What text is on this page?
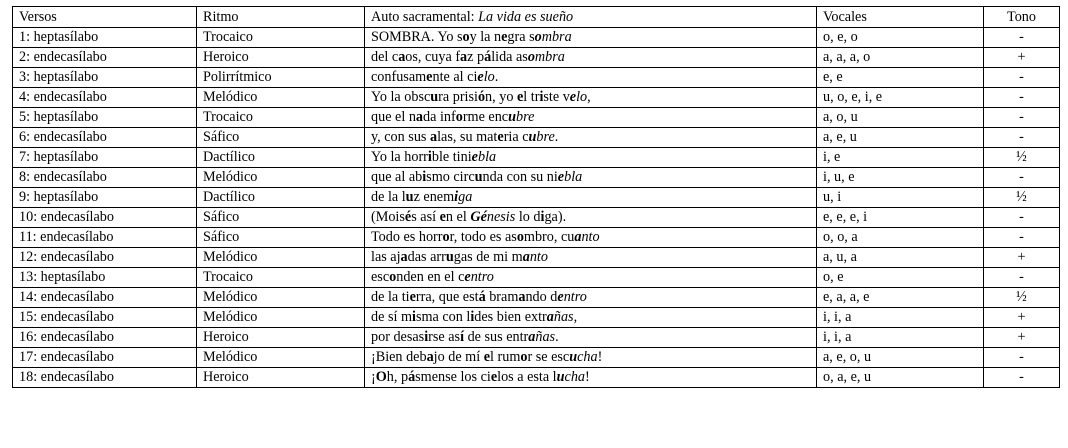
Versos	Ritmo	Auto sacramental: La vida es sueño	Vocales	Tono
1: heptasílabo	Trocaico	SOMBRA. Yo soy la negra sombra	o, e, o	-
2: endecasílabo	Heroico	del caos, cuya faz pálida asombra	a, a, a, o	+
3: heptasílabo	Polirrítmico	confusamente al cielo.	e, e	-
4: endecasílabo	Melódico	Yo la obscura prisión, yo el triste velo,	u, o, e, i, e	-
5: heptasílabo	Trocaico	que el nada informe encubre	a, o, u	-
6: endecasílabo	Sáfico	y, con sus alas, su materia cubre.	a, e, u	-
7: heptasílabo	Dactílico	Yo la horrible tiniebla	i, e	½
8: endecasílabo	Melódico	que al abismo circunda con su niebla	i, u, e	-
9: heptasílabo	Dactílico	de la luz enemiga	u, i	½
10: endecasílabo	Sáfico	(Moisés así en el Génesis lo diga).	e, e, e, i	-
11: endecasílabo	Sáfico	Todo es horror, todo es asombro, cuanto	o, o, a	-
12: endecasílabo	Melódico	las ajadas arrugas de mi manto	a, u, a	+
13: heptasílabo	Trocaico	esconden en el centro	o, e	-
14: endecasílabo	Melódico	de la tierra, que está bramando dentro	e, a, a, e	½
15: endecasílabo	Melódico	de sí misma con lides bien extrañas,	i, i, a	+
16: endecasílabo	Heroico	por desasirse así de sus entrañas.	i, i, a	+
17: endecasílabo	Melódico	¡Bien debajo de mí el rumor se escucha!	a, e, o, u	-
18: endecasílabo	Heroico	¡Oh, pásmense los cielos a esta lucha!	o, a, e, u	-
